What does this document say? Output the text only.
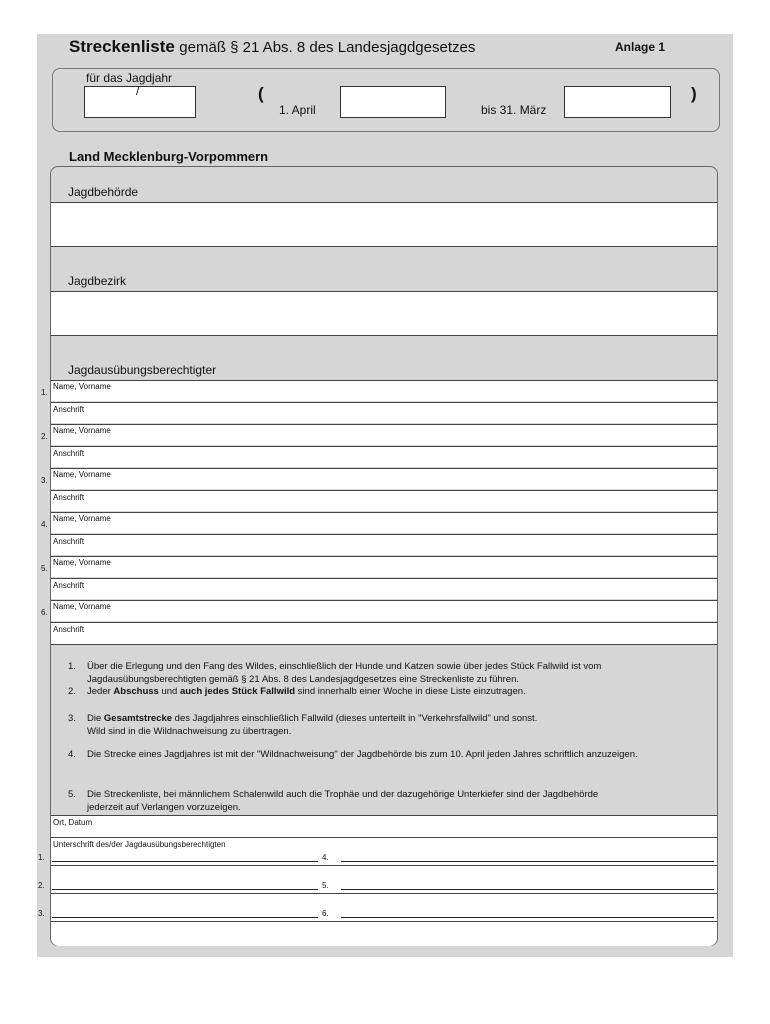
Streckenliste gemäß § 21 Abs. 8 des Landesjagdgesetzes	Anlage 1
für das Jagdjahr
/	(
1. April	bis 31. März
)
Land Mecklenburg-Vorpommern
Jagdbehörde
Jagdbezirk
Jagdausübungsberechtigter
Name, Vorname
Anschrift
1.
Name, Vorname
Anschrift
2.
Name, Vorname
Anschrift
3.
Name, Vorname
Anschrift
4.
Name, Vorname
Anschrift
5.
Name, Vorname
Anschrift
6.
1. Über die Erlegung und den Fang des Wildes, einschließlich der Hunde und Katzen sowie über jedes Stück Fallwild ist vom Jagdausübungsberechtigten gemäß § 21 Abs. 8 des Landesjagdgesetzes eine Streckenliste zu führen.
2. Jeder Abschuss und auch jedes Stück Fallwild sind innerhalb einer Woche in diese Liste einzutragen.
3. Die Gesamtstrecke des Jagdjahres einschließlich Fallwild (dieses unterteilt in "Verkehrsfallwild" und sonst. Wild sind in die Wildnachweisung zu übertragen.
4. Die Strecke eines Jagdjahres ist mit der "Wildnachweisung" der Jagdbehörde bis zum 10. April jeden Jahres schriftlich anzuzeigen.
5. Die Streckenliste, bei männlichem Schalenwild auch die Trophäe und der dazugehörige Unterkiefer sind der Jagdbehörde jederzeit auf Verlangen vorzuzeigen.
Ort, Datum
Unterschrift des/der Jagdausübungsberechtigten
1.	4.
2.	5.
3.	6.
